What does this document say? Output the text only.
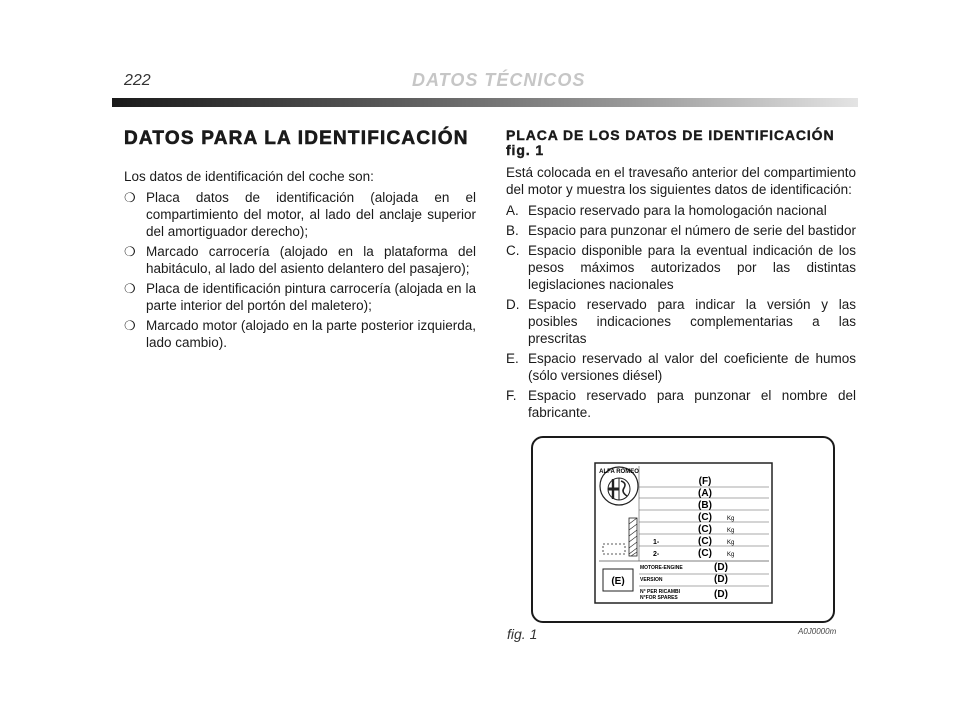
222	DATOS TÉCNICOS
DATOS PARA LA IDENTIFICACIÓN

Los datos de identificación del coche son:

❍ Placa datos de identificación (alojada en el compartimiento del motor, al lado del anclaje superior del amortiguador derecho);
❍ Marcado carrocería (alojado en la plataforma del habitáculo, al lado del asiento delantero del pasajero);
❍ Placa de identificación pintura carrocería (alojada en la parte interior del portón del maletero);
❍ Marcado motor (alojado en la parte posterior izquierda, lado cambio).
PLACA DE LOS DATOS DE IDENTIFICACIÓN
fig. 1

Está colocada en el travesaño anterior del compartimiento del motor y muestra los siguientes datos de identificación:

A. Espacio reservado para la homologación nacional
B. Espacio para punzonar el número de serie del bastidor
C. Espacio disponible para la eventual indicación de los pesos máximos autorizados por las distintas legislaciones nacionales
D. Espacio reservado para indicar la versión y las posibles indicaciones complementarias a las prescritas
E. Espacio reservado al valor del coeficiente de humos (sólo versiones diésel)
F. Espacio reservado para punzonar el nombre del fabricante.
ALFA ROMEO
(E)
(F)
(A)
(B)
(C)
(C)
(C)
(C)
Kg
Kg
Kg
Kg
1-
2-
MOTORE-ENGINE
VERSION
N° PER RICAMBI
N°FOR SPARES
(D)
(D)
(D)
fig. 1	A0J0000m
